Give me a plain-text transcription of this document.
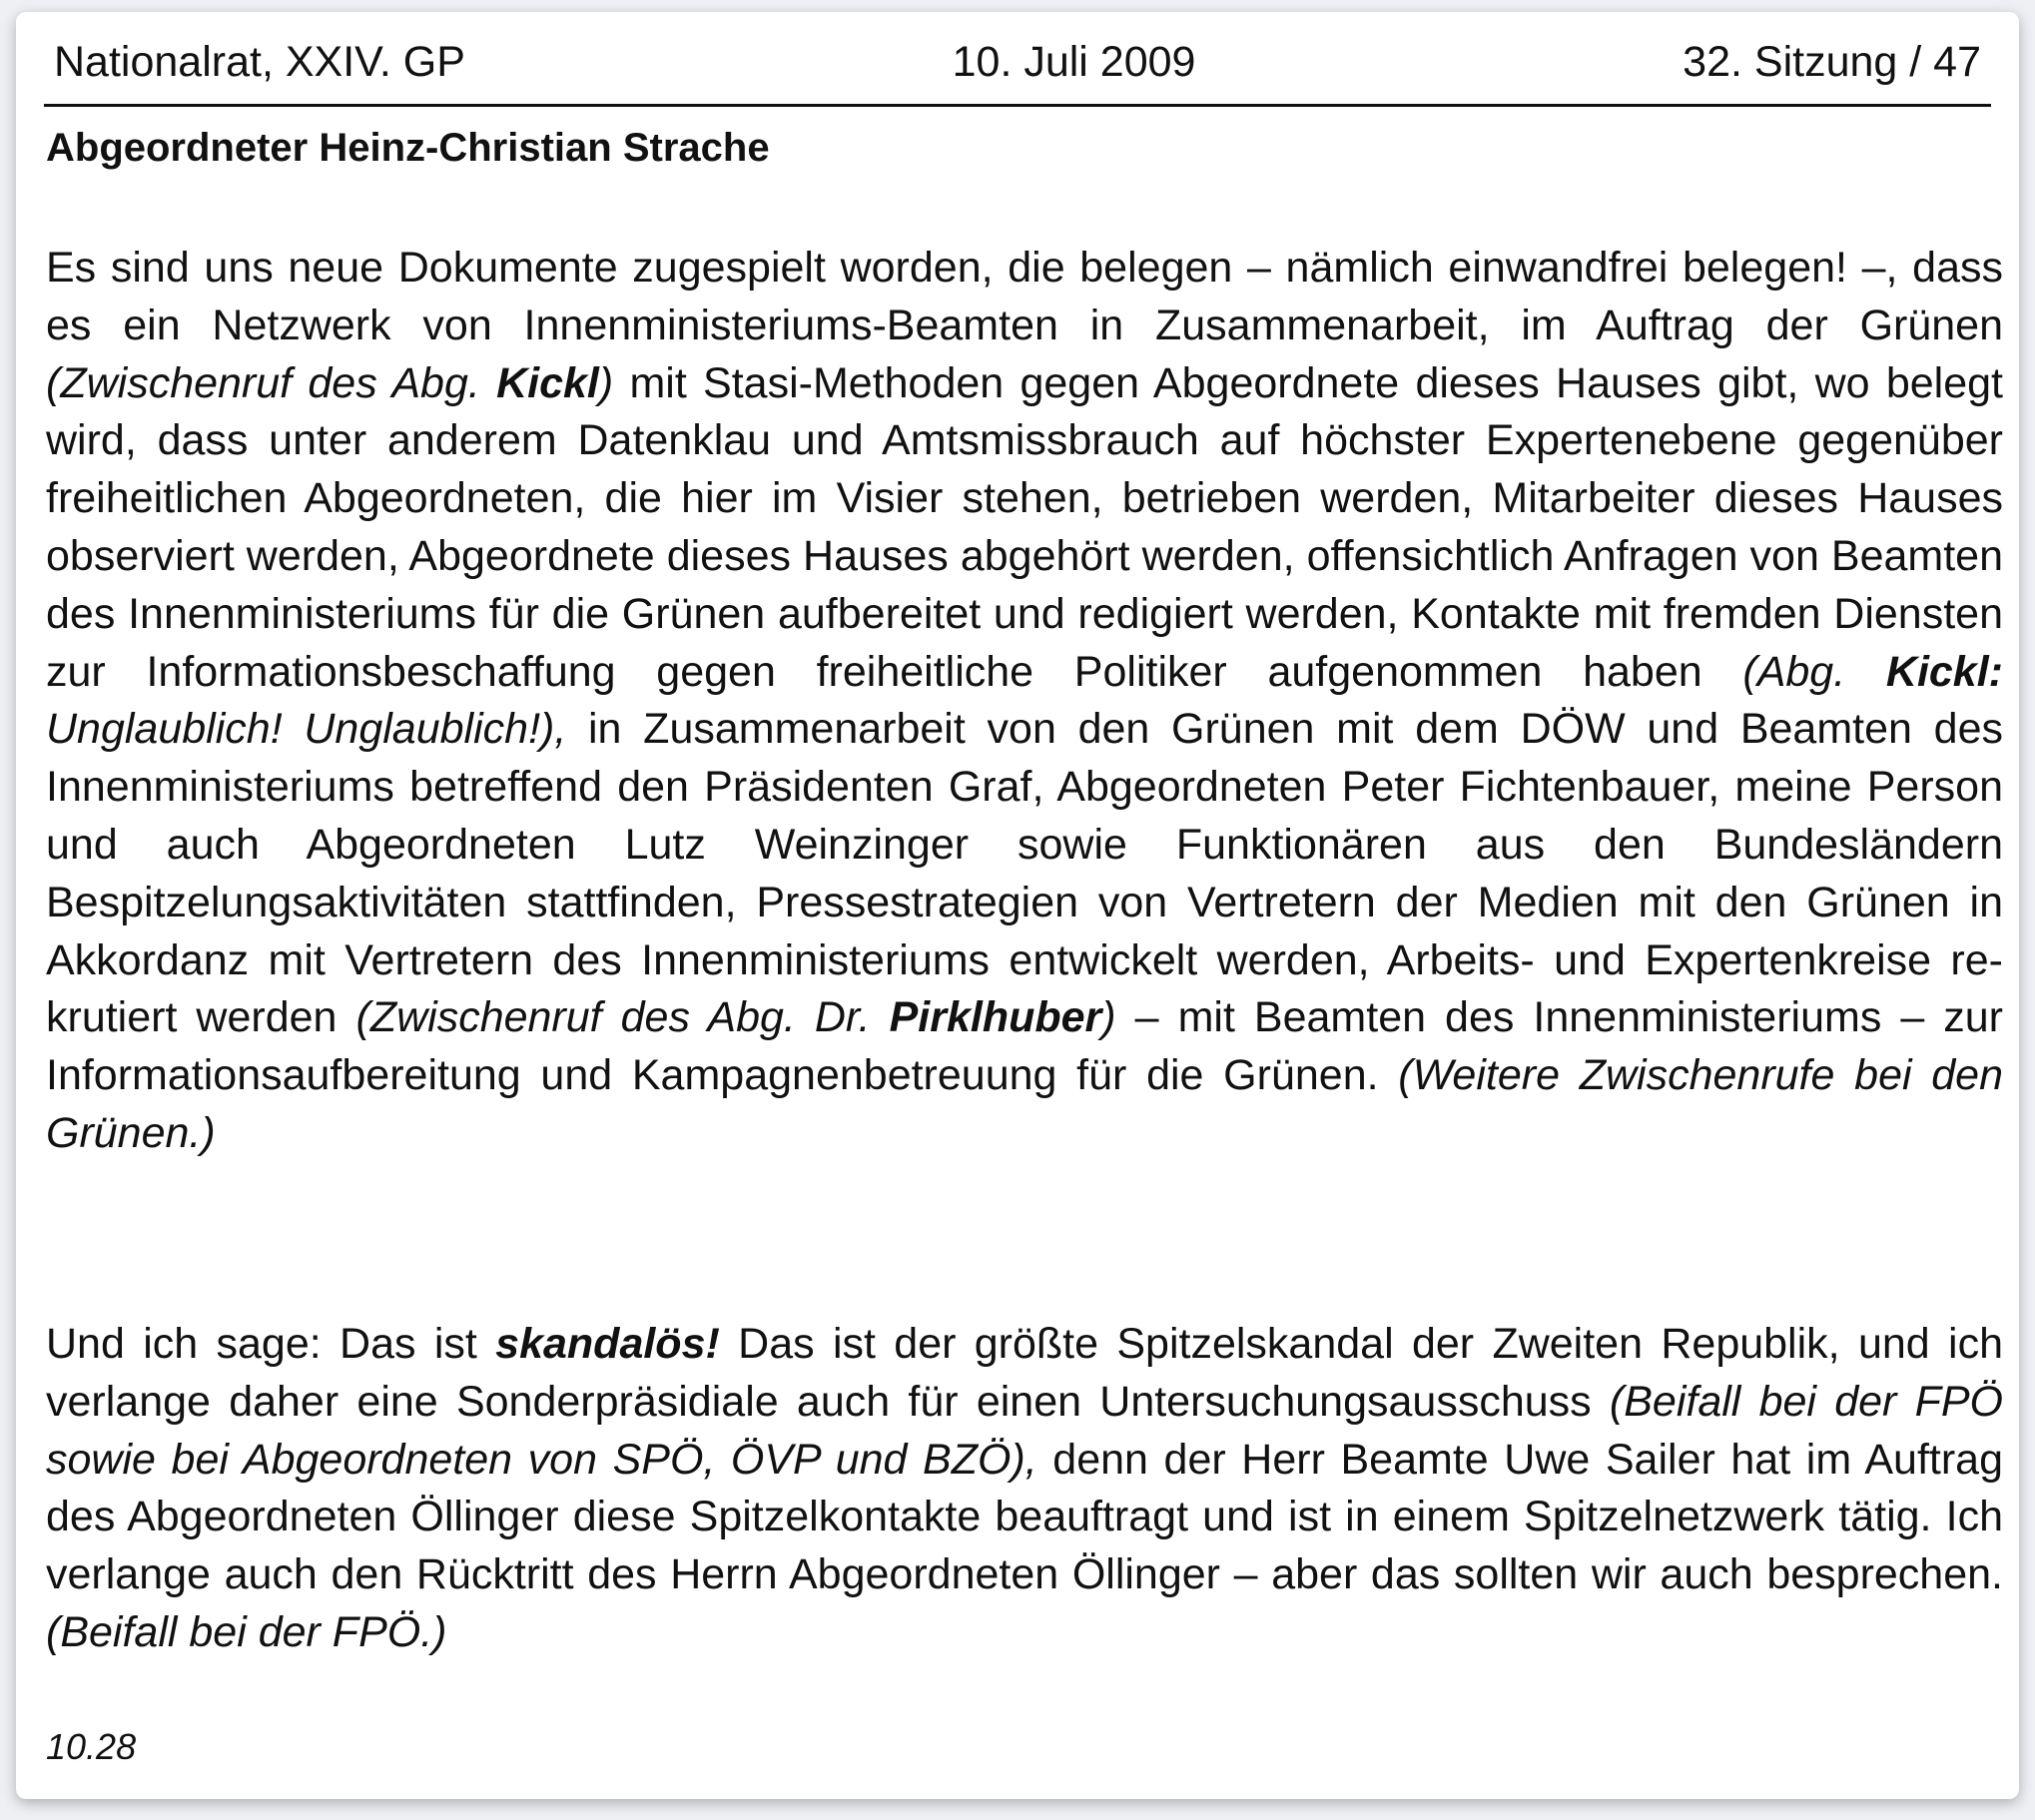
Nationalrat, XXIV. GP	10. Juli 2009	32. Sitzung / 47
Abgeordneter Heinz-Christian Strache

Es sind uns neue Dokumente zugespielt worden, die belegen – nämlich einwandfrei belegen! –, dass es ein Netzwerk von Innenministeriums-Beamten in Zusammenarbeit, im Auftrag der Grünen (Zwischenruf des Abg. Kickl) mit Stasi-Methoden gegen Abgeordnete dieses Hauses gibt, wo belegt wird, dass unter anderem Datenklau und Amtsmissbrauch auf höchster Expertenebene gegenüber freiheitlichen Abgeordneten, die hier im Visier stehen, betrieben werden, Mitarbeiter dieses Hauses observiert werden, Abgeordnete dieses Hauses abgehört werden, offensichtlich Anfragen von Beamten des Innenministeriums für die Grünen aufbereitet und redigiert werden, Kontakte mit fremden Diensten zur Informationsbeschaffung gegen freiheitliche Politiker aufgenommen haben (Abg. Kickl: Unglaublich! Unglaublich!), in Zusammenarbeit von den Grünen mit dem DÖW und Beamten des Innenministeriums betreffend den Präsidenten Graf, Abgeordneten Peter Fichtenbauer, meine Person und auch Abgeordneten Lutz Weinzinger sowie Funktionären aus den Bundesländern Bespitzelungsaktivitäten stattfinden, Pressestrategien von Vertretern der Medien mit den Grünen in Akkordanz mit Vertretern des Innenministeriums entwickelt werden, Arbeits- und Expertenkreise rekrutiert werden (Zwischenruf des Abg. Dr. Pirklhuber) – mit Beamten des Innenministeriums – zur Informationsaufbereitung und Kampagnenbetreuung für die Grünen. (Weitere Zwischenrufe bei den Grünen.)

Und ich sage: Das ist skandalös! Das ist der größte Spitzelskandal der Zweiten Republik, und ich verlange daher eine Sonderpräsidiale auch für einen Untersuchungsausschuss (Beifall bei der FPÖ sowie bei Abgeordneten von SPÖ, ÖVP und BZÖ), denn der Herr Beamte Uwe Sailer hat im Auftrag des Abgeordneten Öllinger diese Spitzelkontakte beauftragt und ist in einem Spitzelnetzwerk tätig. Ich verlange auch den Rücktritt des Herrn Abgeordneten Öllinger – aber das sollten wir auch besprechen. (Beifall bei der FPÖ.)

10.28
